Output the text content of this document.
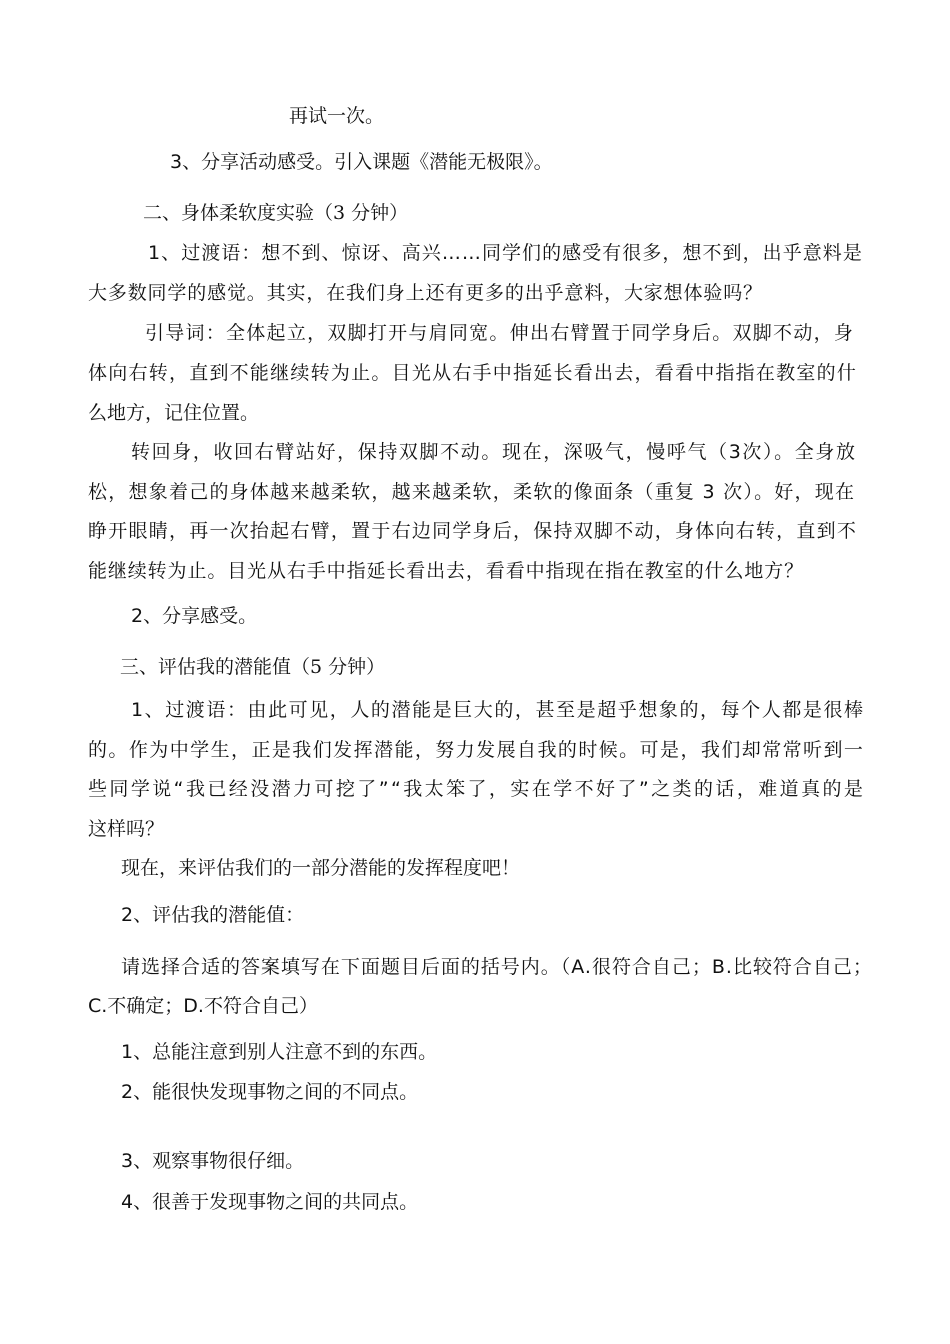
再试一次。
3、分享活动感受。引入课题《潜能无极限》。
二、身体柔软度实验（3 分钟）
1、过渡语：想不到、惊讶、高兴……同学们的感受有很多，想不到，出乎意料是
大多数同学的感觉。其实，在我们身上还有更多的出乎意料，大家想体验吗？
引导词：全体起立，双脚打开与肩同宽。伸出右臂置于同学身后。双脚不动，身
体向右转，直到不能继续转为止。目光从右手中指延长看出去，看看中指指在教室的什
么地方，记住位置。
转回身，收回右臂站好，保持双脚不动。现在，深吸气，慢呼气（3次）。全身放
松，想象着己的身体越来越柔软，越来越柔软，柔软的像面条（重复 3 次）。好，现在
睁开眼睛，再一次抬起右臂，置于右边同学身后，保持双脚不动，身体向右转，直到不
能继续转为止。目光从右手中指延长看出去，看看中指现在指在教室的什么地方？
2、分享感受。
三、评估我的潜能值（5 分钟）
1、过渡语：由此可见，人的潜能是巨大的，甚至是超乎想象的，每个人都是很棒
的。作为中学生，正是我们发挥潜能，努力发展自我的时候。可是，我们却常常听到一
些同学说“我已经没潜力可挖了”“我太笨了，实在学不好了”之类的话，难道真的是
这样吗？
现在，来评估我们的一部分潜能的发挥程度吧！
2、评估我的潜能值：
请选择合适的答案填写在下面题目后面的括号内。（A.很符合自己；B.比较符合自己；
C.不确定；D.不符合自己）
1、总能注意到别人注意不到的东西。
2、能很快发现事物之间的不同点。
3、观察事物很仔细。
4、很善于发现事物之间的共同点。
